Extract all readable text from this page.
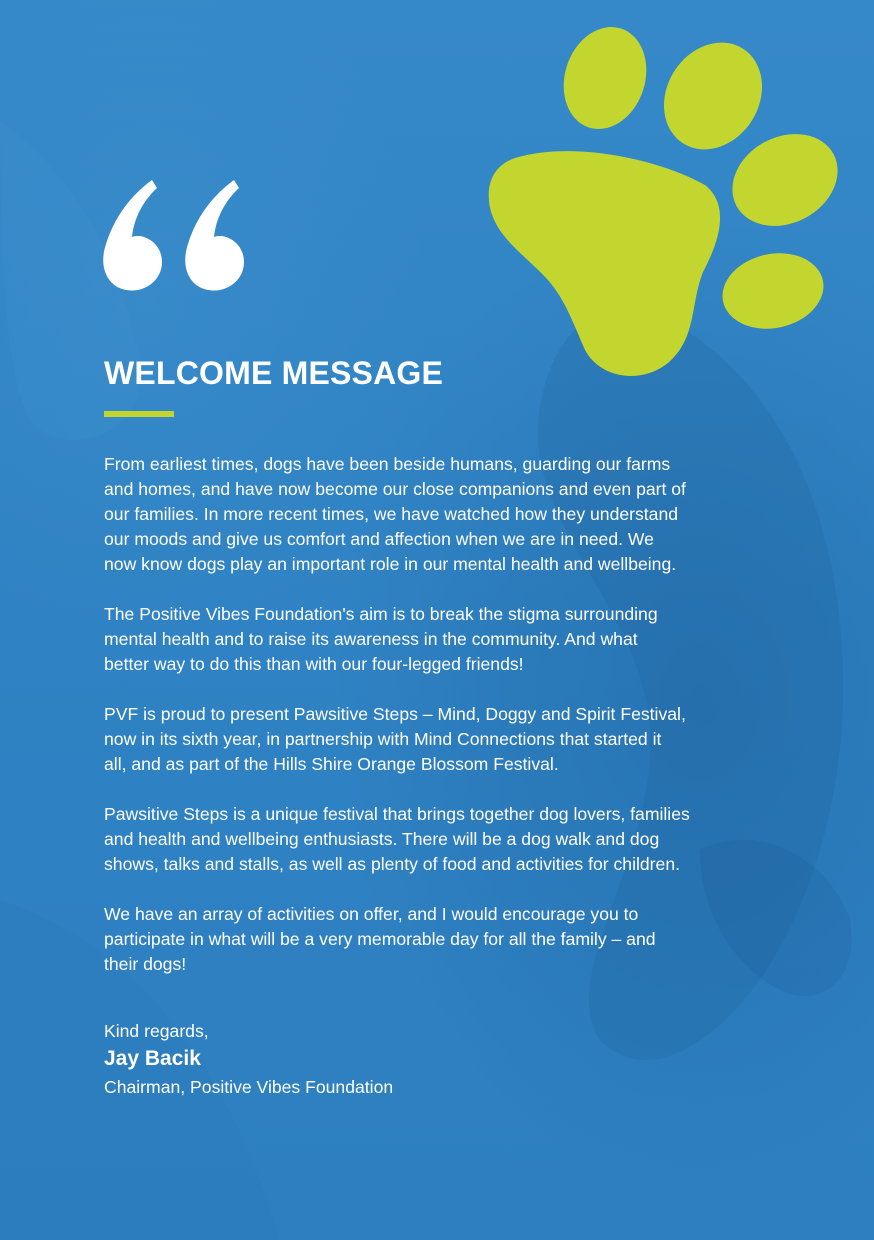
WELCOME MESSAGE

From earliest times, dogs have been beside humans, guarding our farms
and homes, and have now become our close companions and even part of
our families. In more recent times, we have watched how they understand
our moods and give us comfort and affection when we are in need. We
now know dogs play an important role in our mental health and wellbeing.

The Positive Vibes Foundation's aim is to break the stigma surrounding
mental health and to raise its awareness in the community. And what
better way to do this than with our four-legged friends!

PVF is proud to present Pawsitive Steps – Mind, Doggy and Spirit Festival,
now in its sixth year, in partnership with Mind Connections that started it
all, and as part of the Hills Shire Orange Blossom Festival.

Pawsitive Steps is a unique festival that brings together dog lovers, families
and health and wellbeing enthusiasts. There will be a dog walk and dog
shows, talks and stalls, as well as plenty of food and activities for children.

We have an array of activities on offer, and I would encourage you to
participate in what will be a very memorable day for all the family – and
their dogs!

Kind regards,
Jay Bacik
Chairman, Positive Vibes Foundation
